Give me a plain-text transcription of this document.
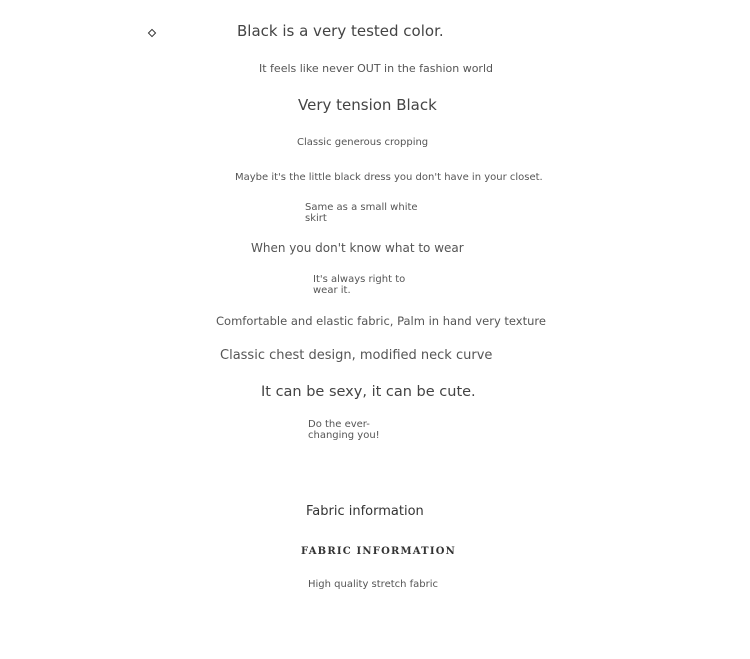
Black is a very tested color.
It feels like never OUT in the fashion world
Very tension Black
Classic generous cropping
Maybe it's the little black dress you don't have in your closet.
Same as a small white skirt
When you don't know what to wear
It's always right to wear it.
Comfortable and elastic fabric, Palm in hand very texture
Classic chest design, modified neck curve
It can be sexy, it can be cute.
Do the ever-changing you!
Fabric information
FABRIC INFORMATION
High quality stretch fabric
